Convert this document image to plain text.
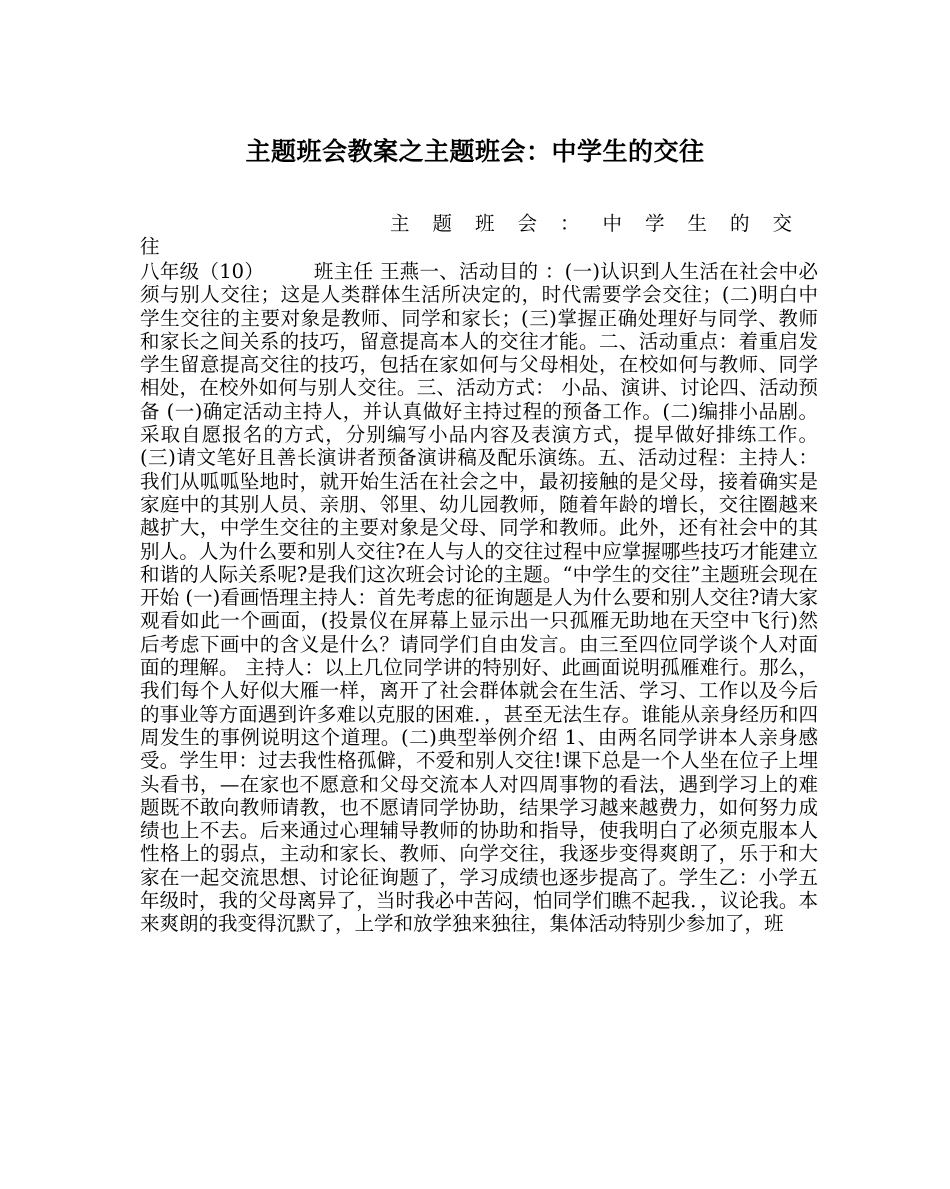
主题班会教案之主题班会：中学生的交往
主题班会：中学生的交
往

八年级（10）　　　班主任 王燕一、活动目的 ：(一)认识到人生活在社会中必须与别人交往；这是人类群体生活所决定的，时代需要学会交往；(二)明白中学生交往的主要对象是教师、同学和家长；(三)掌握正确处理好与同学、教师和家长之间关系的技巧，留意提高本人的交往才能。二、活动重点：着重启发学生留意提高交往的技巧，包括在家如何与父母相处，在校如何与教师、同学相处，在校外如何与别人交往。三、活动方式： 小品、演讲、讨论四、活动预备 (一)确定活动主持人，并认真做好主持过程的预备工作。(二)编排小品剧。采取自愿报名的方式，分别编写小品内容及表演方式，提早做好排练工作。(三)请文笔好且善长演讲者预备演讲稿及配乐演练。五、活动过程：主持人：我们从呱呱坠地时，就开始生活在社会之中，最初接触的是父母，接着确实是家庭中的其别人员、亲朋、邻里、幼儿园教师，随着年龄的增长，交往圈越来越扩大，中学生交往的主要对象是父母、同学和教师。此外，还有社会中的其别人。人为什么要和别人交往?在人与人的交往过程中应掌握哪些技巧才能建立和谐的人际关系呢?是我们这次班会讨论的主题。“中学生的交往”主题班会现在开始 (一)看画悟理主持人：首先考虑的征询题是人为什么要和别人交往?请大家观看如此一个画面，(投景仪在屏幕上显示出一只孤雁无助地在天空中飞行)然后考虑下画中的含义是什么？请同学们自由发言。由三至四位同学谈个人对面面的理解。 主持人：以上几位同学讲的特别好、此画面说明孤雁难行。那么，我们每个人好似大雁一样，离开了社会群体就会在生活、学习、工作以及今后的事业等方面遇到许多难以克服的困难．，甚至无法生存。谁能从亲身经历和四周发生的事例说明这个道理。(二)典型举例介绍 1、由两名同学讲本人亲身感受。学生甲：过去我性格孤僻，不爱和别人交往!课下总是一个人坐在位子上埋头看书，—在家也不愿意和父母交流本人对四周事物的看法，遇到学习上的难题既不敢向教师请教，也不愿请同学协助，结果学习越来越费力，如何努力成绩也上不去。后来通过心理辅导教师的协助和指导，使我明白了必须克服本人性格上的弱点，主动和家长、教师、向学交往，我逐步变得爽朗了，乐于和大家在一起交流思想、讨论征询题了，学习成绩也逐步提高了。学生乙：小学五年级时，我的父母离异了，当时我必中苦闷，怕同学们瞧不起我．，议论我。本来爽朗的我变得沉默了，上学和放学独来独往，集体活动特别少参加了，班
